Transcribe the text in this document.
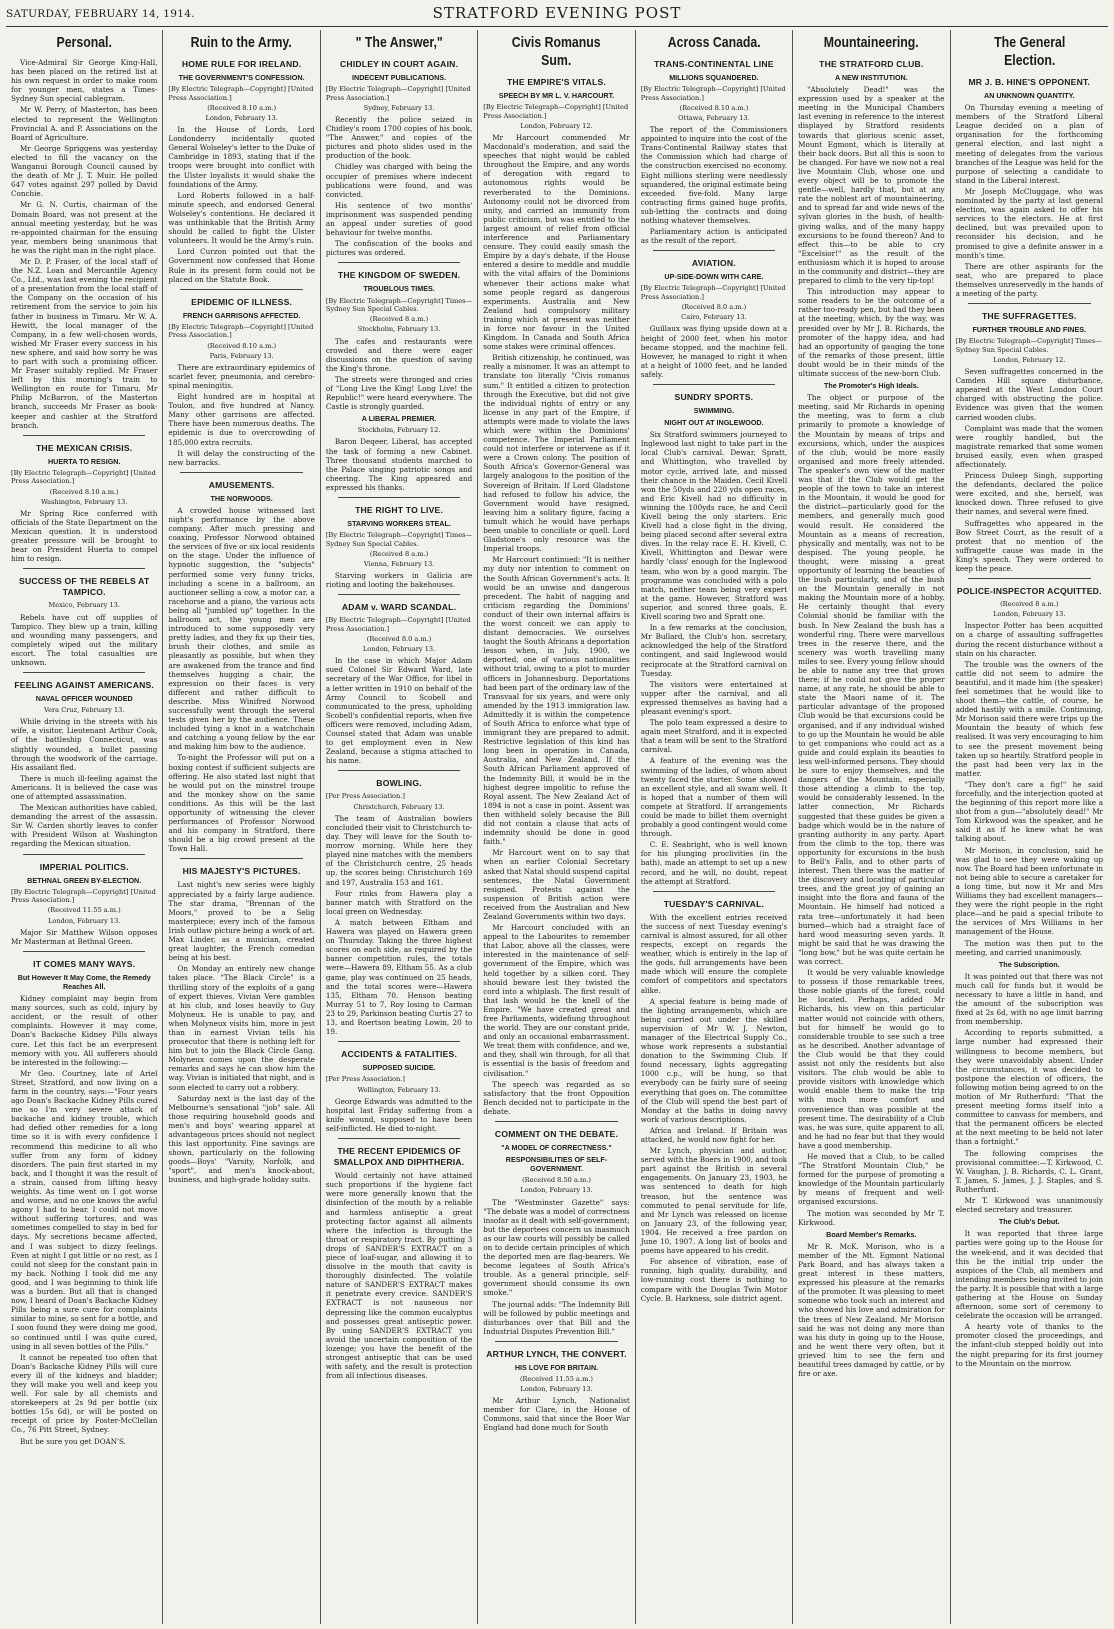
SATURDAY, FEBRUARY 14, 1914.	STRATFORD EVENING POST
Personal.

Vice-Admiral Sir George King-Hall, has been placed on the retired list at his own request in order to make room for younger men, states a Times-Sydney Sun special cablegram.

Mr W. Perry, of Masterton, has been elected to represent the Wellington Provincial A. and P. Associations on the Board of Agriculture.

Mr George Spriggens was yesterday elected to fill the vacancy on the Wanganui Borough Council caused by the death of Mr J. T. Muir. He polled 647 votes against 297 polled by David Conchie.

Mr G. N. Curtis, chairman of the Domain Board, was not present at the annual meeting yesterday, but he was re-appointed chairman for the ensuing year, members being unanimous that he was the right man in the right place.

Mr D. P. Fraser, of the local staff of the N.Z. Loan and Mercantile Agency Co., Ltd., was last evening the recipient of a presentation from the local staff of the Company on the occasion of his retirement from the service to join his father in business in Timaru. Mr W. A. Hewitt, the local manager of the Company, in a few well-chosen words, wished Mr Fraser every success in his new sphere, and said how sorry he was to part with such a promising officer. Mr Fraser suitably replied. Mr Fraser left by this morning's train to Wellington en route for Timaru. Mr Philip McBarron, of the Masterton branch, succeeds Mr Fraser as book-keeper and cashier at the Stratford branch.

THE MEXICAN CRISIS.
HUERTA TO RESIGN.
[By Electric Telegraph—Copyright] [United Press Association.]
(Received 8.10 a.m.)
Washington, February 13.

Mr Spring Rice conferred with officials of the State Department on the Mexican question. It is understood greater pressure will be brought to bear on President Huerta to compel him to resign.

SUCCESS OF THE REBELS AT TAMPICO.
Mexico, February 13.

Rebels have cut off supplies of Tampico. They blew up a train, killing and wounding many passengers, and completely wiped out the military escort. The total casualties are unknown.

FEELING AGAINST AMERICANS.
NAVAL OFFICER WOUNDED
Vera Cruz, February 13.

While driving in the streets with his wife, a visitor, Lieutenant Arthur Cook, of the battleship Connecticut, was slightly wounded, a bullet passing through the woodwork of the carriage. His assailant fled.

There is much ill-feeling against the Americans. It is believed the case was one of attempted assassination.

The Mexican authorities have cabled, demanding the arrest of the assassin. Sir W. Carden shortly leaves to confer with President Wilson at Washington regarding the Mexican situation.

IMPERIAL POLITICS.
BETHNAL GREEN BY-ELECTION.
[By Electric Telegraph—Copyright] [United Press Association.]
(Received 11.55 a.m.)
London, February 13.

Major Sir Matthew Wilson opposes Mr Masterman at Bethnal Green.

IT COMES MANY WAYS.
But However It May Come, the Remedy Reaches All.

Kidney complaint may begin from many sources, such as cold, injury by accident, or the result of other complaints. However it may come, Doan's Backache Kidney Pills always cure. Let this fact be an everpresent memory with you. All sufferers should be interested in the following:—

Mr Geo. Courtney, late of Ariel Street, Stratford, and now living on a farm in the country, says:—"Four years ago Doan's Backache Kidney Pills cured me so I'm very severe attack of backache and kidney trouble, which had defied other remedies for a long time so it is with every confidence I recommend this medicine to all who suffer from any form of kidney disorders. The pain first started in my back, and I thought it was the result of a strain, caused from lifting heavy weights. As time went on I got worse and worse, and no one knows the awful agony I had to bear. I could not move without suffering tortures, and was sometimes compelled to stay in bed for days. My secretions became affected, and I was subject to dizzy feelings. Even at night I got little or no rest, as I could not sleep for the constant pain in my back. Nothing I took did me any good, and I was beginning to think life was a burden. But all that is changed now, I heard of Doan's Backache Kidney Pills being a sure cure for complaints similar to mine, so sent for a bottle, and I soon found they were doing me good, so continued until I was quite cured, using in all seven bottles of the Pills."

It cannot be repeated too often that Doan's Backache Kidney Pills will cure every ill of the kidneys and bladder; they will make you well and keep you well. For sale by all chemists and storekeepers at 2s 9d per bottle (six bottles 15s 6d), or will be posted on receipt of price by Foster-McClellan Co., 76 Pitt Street, Sydney.

But be sure you get DOAN'S.

Ruin to the Army.
HOME RULE FOR IRELAND.
THE GOVERNMENT'S CONFESSION.
[By Electric Telegraph—Copyright] [United Press Association.]
(Received 8.10 a.m.)
London, February 13.

In the House of Lords, Lord Londonderry incidentally quoted General Wolseley's letter to the Duke of Cambridge in 1893, stating that if the troops were brought into conflict with the Ulster loyalists it would shake the foundations of the Army.

Lord Roberts followed in a half-minute speech, and endorsed General Wolseley's contentions. He declared it was unthinkable that the British Army should be called to fight the Ulster volunteers. It would be the Army's ruin.

Lord Curzon pointed out that the Government now confessed that Home Rule in its present form could not be placed on the Statute Book.

EPIDEMIC OF ILLNESS.
FRENCH GARRISONS AFFECTED.
[By Electric Telegraph—Copyright] [United Press Association.]
(Received 8.10 a.m.)
Paris, February 13.

There are extraordinary epidemics of scarlet fever, pneumonia, and cerebro-spinal meningitis.

Eight hundred are in hospital at Toulon, and five hundred at Nancy. Many other garrisons are affected. There have been numerous deaths. The epidemic is due to overcrowding of 185,000 extra recruits.

It will delay the constructing of the new barracks.

AMUSEMENTS.
THE NORWOODS.

A crowded house witnessed last night's performance by the above company. After much pressing and coaxing, Professor Norwood obtained the services of five or six local residents on the stage. Under the influence of hypnotic suggestion, the "subjects" performed some very funny tricks, including a scene in a ballroom, an auctioneer selling a cow, a motor car, a racehorse and a piano, the various acts being all "jumbled up" together. In the ballroom act, the young men are introduced to some supposedly very pretty ladies, and they fix up their ties, brush their clothes, and smile as pleasantly as possible, but when they are awakened from the trance and find themselves hugging a chair, the expression on their faces is very different and rather difficult to describe. Miss Winifred Norwood successfully went through the several tests given her by the audience. These included tying a knot in a watchchain and catching a young fellow by the ear and making him bow to the audience.

To-night the Professor will put on a boxing contest if sufficient subjects are offering. He also stated last night that he would put on the minstrel troupe and the monkey show on the same conditions. As this will be the last opportunity of witnessing the clever performances of Professor Norwood and his company in Stratford, there should be a big crowd present at the Town Hall.

HIS MAJESTY'S PICTURES.

Last night's new series were highly appreciated by a fairly large audience. The star drama, "Brennan of the Moors," proved to be a Selig masterpiece; every inch of the famous Irish outlaw picture being a work of art. Max Linder, as a musician, created great laughter, the French comedian being at his best.

On Monday an entirely new change takes place. "The Black Circle" is a thrilling story of the exploits of a gang of expert thieves. Vivian Vere gambles at his club, and loses heavily to Guy Molyneux. He is unable to pay, and when Molyneux visits him, more in jest than in earnest Vivian tells his prosecutor that there is nothing left for him but to join the Black Circle Gang. Molyneux comes upon the desperate remarks and says he can show him the way. Vivian is initiated that night, and is soon elected to carry out a robbery.

Saturday next is the last day of the Melbourne's sensational "job" sale. All those requiring household goods and men's and boys' wearing apparel at advantageous prices should not neglect this last opportunity. Fine savings are shown, particularly on the following goods—Boys' "Varsity, Norfolk, and "sport", and men's knock-about, business, and high-grade holiday suits.

" The Answer,"
CHIDLEY IN COURT AGAIN.
INDECENT PUBLICATIONS.
[By Electric Telegraph—Copyright] [United Press Association.]
Sydney, February 13.

Recently the police seized in Chidley's room 1700 copies of his book, "The Answer," and copies of the pictures and photo slides used in the production of the book.

Chidley was charged with being the occupier of premises where indecent publications were found, and was convicted.

His sentence of two months' imprisonment was suspended pending an appeal under sureties of good behaviour for twelve months.

The confiscation of the books and pictures was ordered.

THE KINGDOM OF SWEDEN.
TROUBLOUS TIMES.
[By Electric Telegraph—Copyright] Times—Sydney Sun Special Cables.
(Received 8 a.m.)
Stockholm, February 13.

The cafes and restaurants were crowded and there were eager discussions on the question of saving the King's throne.

The streets were thronged and cries of "Long Live the King! Long Live! the Republic!" were heard everywhere. The Castle is strongly guarded.

A LIBERAL PREMIER.
Stockholm, February 12.

Baron Deqeer, Liberal, has accepted the task of forming a new Cabinet. Three thousand students marched to the Palace singing patriotic songs and cheering. The King appeared and expressed his thanks.

THE RIGHT TO LIVE.
STARVING WORKERS STEAL.
[By Electric Telegraph—Copyright] Times—Sydney Sun Special Cables.
(Received 8 a.m.)
Vienna, February 13.

Starving workers in Galicia are rioting and looting the bakehouses.

ADAM v. WARD SCANDAL.
[By Electric Telegraph—Copyright] [United Press Association.]
(Received 8.0 a.m.)
London, February 13.

In the case in which Major Adam sued Colonel Sir Edward Ward, late secretary of the War Office, for libel in a letter written in 1910 on behalf of the Army Council to Scobell and communicated to the press, upholding Scobell's confidential reports, when five officers were removed, including Adam, Counsel stated that Adam was unable to get employment even in New Zealand, because a stigma attached to his name.

BOWLING.
[Per Press Association.]
Christchurch, February 13.

The team of Australian bowlers concluded their visit to Christchurch to-day. They will leave for the South to-morrow morning. While here they played nine matches with the members of the Christchurch centre, 25 heads up, the scores being: Christchurch 169 and 197, Australia 153 and 161.

Four rinks from Hawera play a banner match with Stratford on the local green on Wednesday.

A match between Eltham and Hawera was played on Hawera green on Thursday. Taking the three highest scores on each side, as required by the banner competition rules, the totals were—Hawera 89, Eltham 55. As a club game, play was continued on 25 heads, and the total scores were—Hawera 135, Eltham 70. Henson beating Murray 51 to 7, Roy losing to Carman 23 to 29, Parkinson beating Curtis 27 to 13, and Roertson beating Lowin, 20 to 19.

ACCIDENTS & FATALITIES.
SUPPOSED SUICIDE.
[Per Press Association.]
Wellington, February 13.

George Edwards was admitted to the hospital last Friday suffering from a knife wound, supposed to have been self-inflicted. He died to-night.

THE RECENT EPIDEMICS OF SMALLPOX AND DIPHTHERIA.

Would certainly not have attained such proportions if the hygiene fact were more generally known that the disinfection of the mouth by a reliable and harmless antiseptic a great protecting factor against all ailments where the infection is through the throat or respiratory tract. By putting 3 drops of SANDER'S EXTRACT on a piece of loaf-sugar, and allowing it to dissolve in the mouth that cavity is thoroughly disinfected. The volatile nature of SANDER'S EXTRACT makes it penetrate every crevice. SANDER'S EXTRACT is not nauseous nor depressing like the common eucalyptus and possesses great antiseptic power. By using SANDER'S EXTRACT you avoid the uncertain composition of the lozenge; you have the benefit of the strongest antiseptic that can be used with safety, and the result is protection from all infectious diseases.

Civis Romanus Sum.
THE EMPIRE'S VITALS.
SPEECH BY MR L. V. HARCOURT.
[By Electric Telegraph—Copyright] [United Press Association.]
London, February 12.

Mr Harcourt commended Mr Macdonald's moderation, and said the speeches that night would be cabled throughout the Empire, and any words of derogation with regard to autonomous rights would be reverberated to the Dominions. Autonomy could not be divorced from unity, and carried an immunity from public criticism, but was entitled to the largest amount of relief from official interference and Parliamentary censure. They could easily smash the Empire by a day's debate, if the House entered a desire to meddle and muddle with the vital affairs of the Dominions whenever their actions make what some people regard as dangerous experiments. Australia and New Zealand had compulsory military training which at present was neither in force nor favour in the United Kingdom. In Canada and South Africa some stakes were criminal offences.

British citizenship, he continued, was really a misnomer. It was an attempt to translate too literally "Civis romanus sum." It entitled a citizen to protection through the Executive, but did not give the individual rights of entry or any license in any part of the Empire, if attempts were made to violate the laws which were within the Dominions' competence. The Imperial Parliament could not interfere or intervene as if it were a Crown colony. The position of South Africa's Governor-General was largely analogous to the position of the Sovereign of Britain. If Lord Gladstone had refused to follow his advice, the Government would have resigned, leaving him a solitary figure, facing a tumult which he would have perhaps been unable to conciliate or quell. Lord Gladstone's only resource was the Imperial troops.

Mr Harcourt continued: "It is neither my duty nor intention to comment on the South African Government's acts. It would be an unwise and dangerous precedent. The habit of nagging and criticism regarding the Dominions' conduct of their own internal affairs is the worst conceit we can apply to distant democracies. We ourselves taught the South Africans a deportation lesson when, in July, 1900, we deported, one of various nationalities without trial, owing to a plot to murder officers in Johannesburg. Deportations had been part of the ordinary law of the Transvaal for six years, and were only amended by the 1913 immigration law. Admittedly it is within the competence of South Africa to enforce what type of immigrant they are prepared to admit. Restrictive legislation of this kind has long been in operation in Canada, Australia, and New Zealand. If the South African Parliament approved of the Indemnity Bill, it would be in the highest degree impolitic to refuse the Royal assent. The New Zealand Act of 1894 is not a case in point. Assent was then withheld solely because the Bill did not contain a clause that acts of indemnity should be done in good faith."

Mr Harcourt went on to say that when an earlier Colonial Secretary asked that Natal should suspend capital sentences, the Natal Government resigned. Protests against the suspension of British action were received from the Australian and New Zealand Governments within two days.

Mr Harcourt concluded with an appeal to the Labourites to remember that Labor, above all the classes, were interested in the maintenance of self-government of the Empire, which was held together by a silken cord. They should beware lest they twisted the cord into a whiplash. The first result of that lash would be the knell of the Empire. "We have created great and free Parliaments, widefiung throughout the world. They are our constant pride, and only an occasional embarrassment. We treat them with confidence, and we, and they, shall win through, for all that is essential is the basis of freedom and civilisation."

The speech was regarded as so satisfactory that the front Opposition Bench decided not to participate in the debate.

COMMENT ON THE DEBATE.
"A MODEL OF CORRECTNESS."
RESPONSIBILITIES OF SELF-GOVERNMENT.
(Received 8.50 a.m.)
London, February 13.

The "Westminster Gazette" says: "The debate was a model of correctness insofar as it dealt with self-government; but the deportees concern us inasmuch as our law courts will possibly be called on to decide certain principles of which the deported men are flag-bearers. We become legatees of South Africa's trouble. As a general principle, self-government should consume its own smoke."

The journal adds: "The Indemnity Bill will be followed by public meetings and disturbances over that Bill and the Industrial Disputes Prevention Bill."

ARTHUR LYNCH, THE CONVERT.
HIS LOVE FOR BRITAIN.
(Received 11.55 a.m.)
London, February 13.

Mr Arthur Lynch, Nationalist member for Clare, in the House of Commons, said that since the Boer War England had done much for South

Across Canada.
TRANS-CONTINENTAL LINE
MILLIONS SQUANDERED.
[By Electric Telegraph—Copyright] [United Press Association.]
(Received 8.10 a.m.)
Ottawa, February 13.

The report of the Commissioners appointed to inquire into the cost of the Trans-Continental Railway states that the Commission which had charge of the construction exercised no economy. Eight millions sterling were needlessly squandered, the original estimate being exceeded five-fold. Many large contracting firms gained huge profits, sub-letting the contracts and doing nothing whatever themselves.

Parliamentary action is anticipated as the result of the report.

AVIATION.
UP-SIDE-DOWN WITH CARE.
[By Electric Telegraph—Copyright] [United Press Association.]
(Received 8.0 a.m.)
Cairo, February 13.

Guillaux was flying upside down at a height of 2000 feet, when his motor became stopped, and the machine fell. However, he managed to right it when at a height of 1000 feet, and he landed safely.

SUNDRY SPORTS.
SWIMMING.
NIGHT OUT AT INGLEWOOD.

Six Stratford swimmers journeyed to Inglewood last night to take part in the local Club's carnival. Dewar, Spratt, and Whittington, who travelled by motor cycle, arrived late, and missed their chance in the Maiden. Cecil Kivell won the 50yds and 220 yds open races, and Eric Kivell had no difficulty in winning the 100yds race, he and Cecil Kivell being the only starters. Eric Kivell had a close fight in the diving, being placed second after several extra dives. In the relay race E. H. Kivell, C. Kivell, Whittington and Dewar were hardly 'class' enough for the Inglewood team, who won by a good margin. The programme was concluded with a polo match, neither team being very expert at the game. However, Stratford was superior, and scored three goals, E. Kivell scoring two and Spratt one.

In a few remarks at the conclusion, Mr Bullard, the Club's hon. secretary, acknowledged the help of the Stratford contingent, and said Inglewood would reciprocate at the Stratford carnival on Tuesday.

The visitors were entertained at supper after the carnival, and all expressed themselves as having had a pleasant evening's sport.

The polo team expressed a desire to again meet Stratford, and it is expected that a team will be sent to the Stratford carnival.

A feature of the evening was the swimming of the ladies, of whom about twenty faced the starter. Some showed an excellent style, and all swam well. It is hoped that a number of them will compete at Stratford. If arrangements could be made to billet them overnight probably a good contingent would come through.

C. E. Seabright, who is well known for his plunging proclivities (in the bath), made an attempt to set up a new record, and he will, no doubt, repeat the attempt at Stratford.

TUESDAY'S CARNIVAL.

With the excellent entries received the success of next Tuesday evening's carnival is almost assured, for all other respects, except on regards the weather, which is entirely in the lap of the gods, full arrangements have been made which will ensure the complete comfort of competitors and spectators alike.

A special feature is being made of the lighting arrangements, which are being carried out under the skilled supervision of Mr W. J. Newton, manager of the Electrical Supply Co., whose work represents a substantial donation to the Swimming Club. If found necessary, lights aggregating 1000 c.p., will be hung, so that everybody can be fairly sure of seeing everything that goes on. The committee of the Club will spend the best part of Monday at the baths in doing navvy work of various descriptions.

Africa and Ireland. If Britain was attacked, he would now fight for her.

Mr Lynch, physician and author, served with the Boers in 1900, and took part against the British in several engagements. On January 23, 1903, he was sentenced to death for high treason, but the sentence was commuted to penal servitude for life, and Mr Lynch was released on license on January 23, of the following year, 1904. He received a free pardon on June 10, 1907. A long list of books and poems have appeared to his credit.

For absence of vibration, ease of running, high quality, durability, and low-running cost there is nothing to compare with the Douglas Twin Motor Cycle. B. Harkness, sole district agent.

Mountaineering.
THE STRATFORD CLUB.
A NEW INSTITUTION.

"Absolutely Dead!" was the expression used by a speaker at the meeting in the Municipal Chambers last evening in reference to the interest displayed by Stratford residents towards that glorious scenic asset, Mount Egmont, which is literally at their back doors. But all this is soon to be changed. For have we now not a real live Mountain Club, whose one and every object will be to promote the gentle—well, hardly that, but at any rate the noblest art of mountaineering, and to spread far and wide news of the sylvan glories in the bush, of health-giving walks, and of the many happy excursions to be found thereon? And to effect this—to be able to cry "Excelsior!" as the result of the enthusiasm which it is hoped to arouse in the community and district—they are prepared to climb to the very tip-top!

This introduction may appear to some readers to be the outcome of a rather too-ready pen, but had they been at the meeting, which, by the way, was presided over by Mr J. B. Richards, the promoter of the happy idea, and had had an opportunity of gauging the tone of the remarks of those present, little doubt would be in their minds of the ultimate success of the new-born Club.

The Promoter's High Ideals.

The object or purpose of the meeting, said Mr Richards in opening the meeting, was to form a club primarily to promote a knowledge of the Mountain by means of trips and excursions, which, under the auspices of the club, would be more easily organised and more freely attended. The speaker's own view of the matter was that if the Club would get the people of the town to take an interest in the Mountain, it would be good for the district—particularly good for the members, and generally much good would result. He considered the Mountain as a means of recreation, physically and mentally, was not to be despised. The young people, he thought, were missing a great opportunity of learning the beauties of the bush particularly, and of the bush on the Mountain generally in not making the Mountain more of a hobby. He certainly thought that every Colonial should be familiar with the bush. In New Zealand the bush has a wonderful ring. There were marvellous trees in the reserve there, and the scenery was worth travelling many miles to see. Every young fellow should be able to name any tree that grows there; if he could not give the proper name, at any rate, he should be able to state the Maori name of it. The particular advantage of the proposed Club would be that excursions could be organised, and if any individual wished to go up the Mountain he would be able to get companions who could act as a guide and could explain its beauties to less well-informed persons. They should be sure to enjoy themselves, and the dangers of the Mountain, especially those attending a climb to the top, would be considerably lessened. In the latter connection, Mr Richards suggested that these guides be given a badge which would be in the nature of granting authority in any party. Apart from the climb to the top, there was opportunity for excursions in the bush to Bell's Falls, and to other parts of interest. Then there was the matter of the discovery and locating of particular trees, and the great joy of gaining an insight into the flora and fauna of the Mountain. He himself had noticed a rata tree—unfortunately it had been burned—which had a straight face of hard wood measuring seven yards. It might be said that he was drawing the "long bow," but he was quite certain he was correct.

It would be very valuable knowledge to possess if those remarkable trees, those noble giants of the forest, could be located. Perhaps, added Mr Richards, his view on this particular matter would not coincide with others, but for himself he would go to considerable trouble to see such a tree as he described. Another advantage of the Club would be that they could assist not only the residents but also visitors. The club would be able to provide visitors with knowledge which would enable them to make the trip with much more comfort and convenience than was possible at the present time. The desirability of a Club was, he was sure, quite apparent to all, and he had no fear but that they would have a good membership.

He moved that a Club, to be called "The Stratford Mountain Club," be formed for the purpose of promoting a knowledge of the Mountain particularly by means of frequent and well-organised excursions.

The motion was seconded by Mr T. Kirkwood.

Board Member's Remarks.

Mr R. McK. Morison, who is a member of the Mt. Egmont National Park Board, and has always taken a great interest in these matters, expressed his pleasure at the remarks of the promoter. It was pleasing to meet someone who took such an interest and who showed his love and admiration for the trees of New Zealand. Mr Morison said he was not doing any more than was his duty in going up to the House, and he went there very often, but it grieved him to see the fern and beautiful trees damaged by cattle, or by fire or axe.

The General Election.
MR J. B. HINE'S OPPONENT.
AN UNKNOWN QUANTITY.

On Thursday evening a meeting of members of the Stratford Liberal League decided on a plan of organisation for the forthcoming general election, and last night a meeting of delegates from the various branches of the League was held for the purpose of selecting a candidate to stand in the Liberal interest.

Mr Joseph McCluggage, who was nominated by the party at last general election, was again asked to offer his services to the electors. He at first declined, but was prevailed upon to reconsider his decision, and he promised to give a definite answer in a month's time.

There are other aspirants for the seat, who are prepared to place themselves unreservedly in the hands of a meeting of the party.

THE SUFFRAGETTES.
FURTHER TROUBLE AND FINES.
[By Electric Telegraph—Copyright] Times—Sydney Sun Special Cables.
London, February 12.

Seven suffragettes concerned in the Camden Hill square disturbance, appeared at the West London Court charged with obstructing the police. Evidence was given that the women carried wooden clubs.

Complaint was made that the women were roughly handled, but the magistrate remarked that some women bruised easily, even when grasped affectionately.

Princess Duleep Singh, supporting the defendants, declared the police were excited, and she, herself, was knocked down. Three refused to give their names, and several were fined.

Suffragettes who appeared in the Bow Street Court, as the result of a protest that no mention of the suffragette cause was made in the King's speech. They were ordered to keep the peace.

POLICE-INSPECTOR ACQUITTED.
(Received 8 a.m.)
London, February 13.

Inspector Potter has been acquitted on a charge of assaulting suffragettes during the recent disturbance without a stain on his character.

The trouble was the owners of the cattle did not seem to admire the beautiful, and it made him (the speaker) feel sometimes that he would like to shoot them—the cattle, of course, he added hastily with a smile. Continuing, Mr Morison said there were trips up the Mountain the beauty of which few realised. It was very encouraging to him to see the present movement being taken up so heartily. Stratford people in the past had been very lax in the matter.

"They don't care a fig!" he said forcefully, and the interjection quoted at the beginning of this report more like a shot from a gun—"absolutely dead!" Mr Tom Kirkwood was the speaker, and he said it as if he knew what he was talking about.

Mr Morison, in conclusion, said he was glad to see they were waking up now. The Board had been unfortunate in not being able to secure a caretaker for a long time, but now it Mr and Mrs Williams they had excellent managers—they were the right people in the right place—and he paid a special tribute to the services of Mrs Williams in her management of the House.

The motion was then put to the meeting, and carried unanimously.

The Subscription.

It was pointed out that there was not much call for funds but it would be necessary to have a little in hand, and the amount of the subscription was fixed at 2s 6d, with no age limit barring from membership.

According to reports submitted, a large number had expressed their willingness to become members, but they were unavoidably absent. Under the circumstances, it was decided to postpone the election of officers, the following motion being agreed to on the motion of Mr Rutherfurd: "That the present meeting forms itself into a committee to canvass for members, and that the permanent officers be elected at the next meeting to be held not later than a fortnight."

The following comprises the provisional committee:—T. Kirkwood, C. W. Vaughan, J. B. Richards, C. L. Grant, T. James, S. James, J. J. Staples, and S. Rutherfurd.

Mr T. Kirkwood was unanimously elected secretary and treasurer.

The Club's Debut.

It was reported that three large parties were going up to the House for the week-end, and it was decided that this be the initial trip under the auspices of the Club, all members and intending members being invited to join the party. It is possible that with a large gathering at the House on Sunday afternoon, some sort of ceremony to celebrate the occasion will be arranged.

A hearty vote of thanks to the promoter closed the proceedings, and the infant-club stepped boldly out into the night preparing for its first journey to the Mountain on the morrow.
